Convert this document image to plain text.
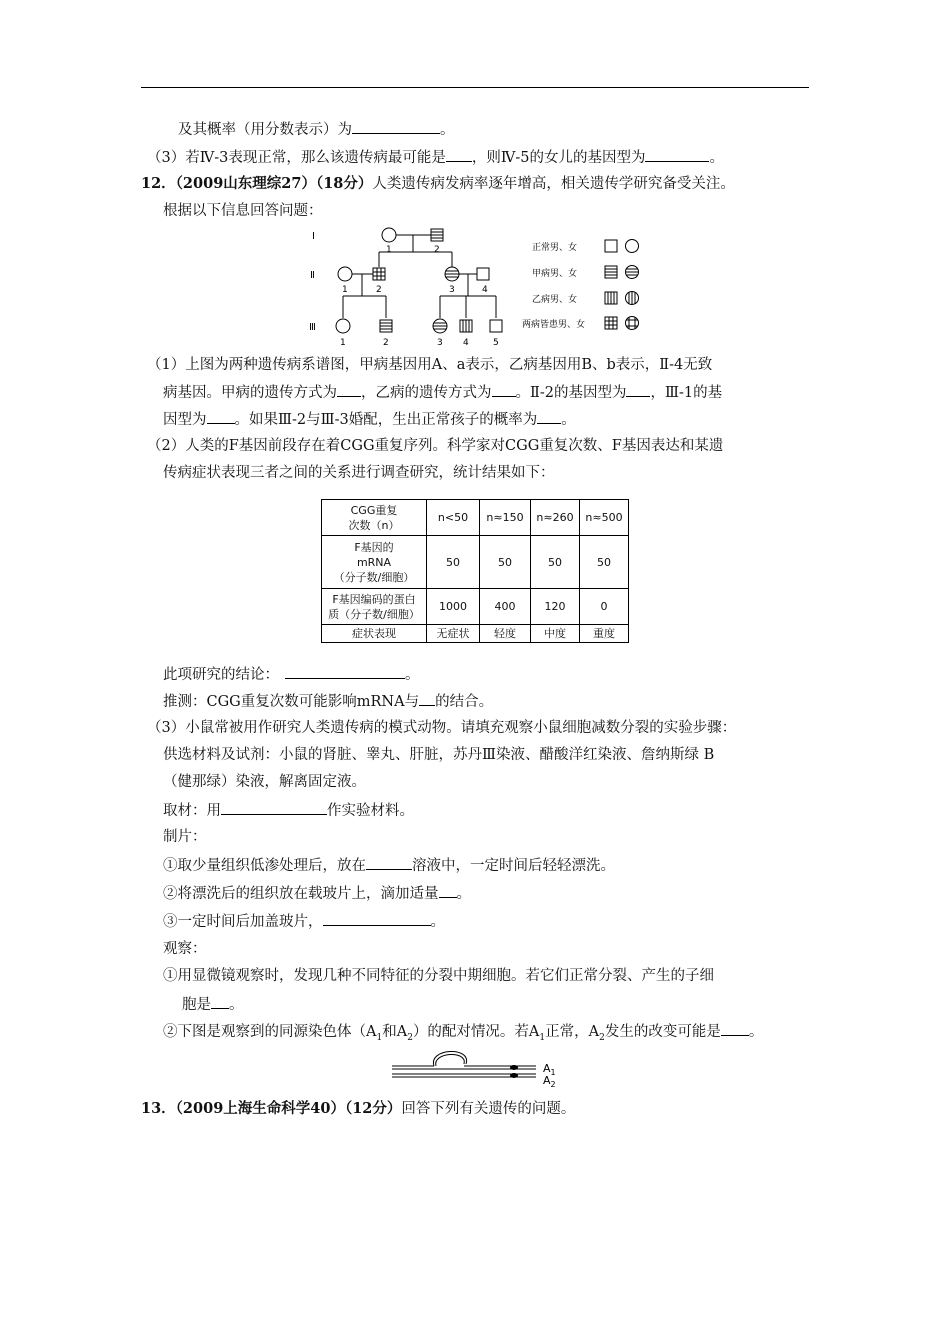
及其概率（用分数表示）为	。
（3）若Ⅳ-3表现正常，那么该遗传病最可能是 ，则Ⅳ-5的女儿的基因型为	。
12．（2009山东理综27）（18分）人类遗传病发病率逐年增高，相关遗传学研究备受关注。
根据以下信息回答问题：
Ⅰ
Ⅱ
Ⅲ
1	2
1	2	3	4
1	2	3 4	5
正常男、女
甲病男、女
乙病男、女
两病皆患男、女
（1）上图为两种遗传病系谱图，甲病基因用A、a表示，乙病基因用B、b表示，Ⅱ-4无致
病基因。甲病的遗传方式为 ，乙病的遗传方式为 。Ⅱ-2的基因型为 ，Ⅲ-1的基
因型为 。如果Ⅲ-2与Ⅲ-3婚配，生出正常孩子的概率为 。
（2）人类的F基因前段存在着CGG重复序列。科学家对CGG重复次数、F基因表达和某遗
传病症状表现三者之间的关系进行调查研究，统计结果如下：
CGG重复
次数（n）	n<50	n≈150	n≈260	n≈500

F基因的
mRNA
（分子数/细胞）	50	50	50	50

F基因编码的蛋白
质（分子数/细胞）	1000	400	120	0
症状表现	无症状	轻度	中度	重度
此项研究的结论：	。
推测：CGG重复次数可能影响mRNA与 的结合。
（3）小鼠常被用作研究人类遗传病的模式动物。请填充观察小鼠细胞减数分裂的实验步骤：
供选材料及试剂：小鼠的肾脏、睾丸、肝脏，苏丹Ⅲ染液、醋酸洋红染液、詹纳斯绿 B
（健那绿）染液，解离固定液。
取材：用	作实验材料。
制片：
①取少量组织低渗处理后，放在	溶液中，一定时间后轻轻漂洗。
②将漂洗后的组织放在载玻片上，滴加适量 。
③一定时间后加盖玻片，	。
观察：
①用显微镜观察时，发现几种不同特征的分裂中期细胞。若它们正常分裂、产生的子细
胞是 。
②下图是观察到的同源染色体（$A_1$和$A_2$）的配对情况。若$A_1$正常，$A_2$发生的改变可能是 。
$A_1$
$A_2$
13．（2009上海生命科学40）（12分）回答下列有关遗传的问题。
